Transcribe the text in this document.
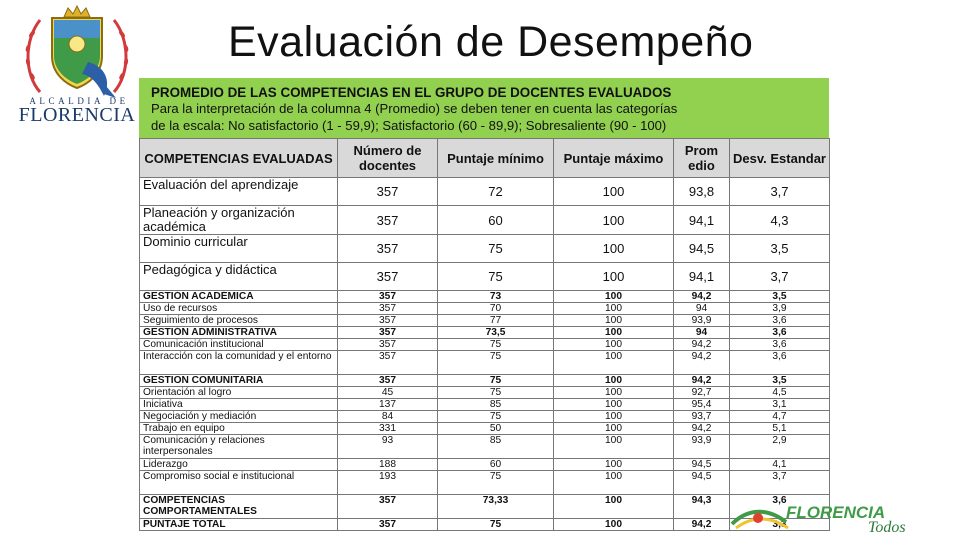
ALCALDIA DE
FLORENCIA
Evaluación de Desempeño
PROMEDIO DE LAS COMPETENCIAS EN EL GRUPO DE DOCENTES EVALUADOS
Para la interpretación de la columna 4 (Promedio) se deben tener en cuenta las categorías
de la escala: No satisfactorio (1 - 59,9); Satisfactorio (60 - 89,9); Sobresaliente (90 - 100)
COMPETENCIAS EVALUADAS	Número de docentes	Puntaje mínimo	Puntaje máximo	Prom edio	Desv. Estandar
Evaluación del aprendizaje	357	72	100	93,8	3,7
Planeación y organización académica	357	60	100	94,1	4,3
Dominio curricular	357	75	100	94,5	3,5
Pedagógica y didáctica	357	75	100	94,1	3,7
GESTIÓN ACADÉMICA	357	73	100	94,2	3,5
Uso de recursos	357	70	100	94	3,9
Seguimiento de procesos	357	77	100	93,9	3,6
GESTIÓN ADMINISTRATIVA	357	73,5	100	94	3,6
Comunicación institucional	357	75	100	94,2	3,6
Interacción con la comunidad y el entorno	357	75	100	94,2	3,6
GESTION COMUNITARIA	357	75	100	94,2	3,5
Orientación al logro	45	75	100	92,7	4,5
Iniciativa	137	85	100	95,4	3,1
Negociación y mediación	84	75	100	93,7	4,7
Trabajo en equipo	331	50	100	94,2	5,1
Comunicación y relaciones interpersonales	93	85	100	93,9	2,9
Liderazgo	188	60	100	94,5	4,1
Compromiso social e institucional	193	75	100	94,5	3,7
COMPETENCIAS COMPORTAMENTALES	357	73,33	100	94,3	3,6
PUNTAJE TOTAL	357	75	100	94,2	3,3
FLORENCIA
Todos
